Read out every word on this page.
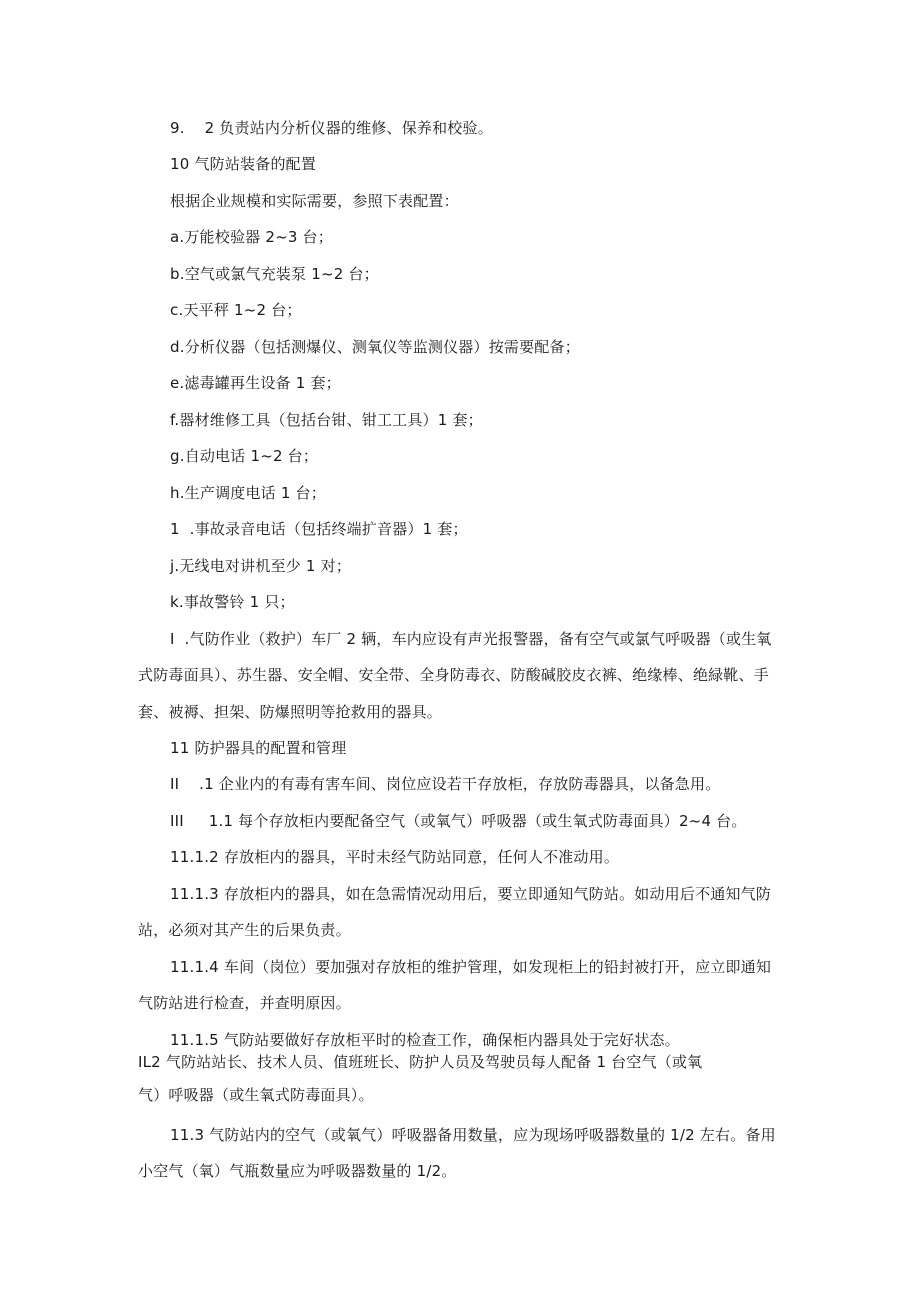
9.    2 负责站内分析仪器的维修、保养和校验。
10 气防站装备的配置
根据企业规模和实际需要，参照下表配置：
a.万能校验器 2~3 台；
b.空气或氯气充装泵 1~2 台；
c.天平秤 1~2 台；
d.分析仪器（包括测爆仪、测氧仪等监测仪器）按需要配备；
e.滤毒罐再生设备 1 套；
f.器材维修工具（包括台钳、钳工工具）1 套；
g.自动电话 1~2 台；
h.生产调度电话 1 台；
1  .事故录音电话（包括终端扩音器）1 套；
j.无线电对讲机至少 1 对；
k.事故警铃 1 只；
I  .气防作业（救护）车厂 2 辆，车内应设有声光报警器，备有空气或氯气呼吸器（或生氧
式防毒面具）、苏生器、安全帽、安全带、全身防毒衣、防酸碱胶皮衣裤、绝缘棒、绝緑靴、手
套、被褥、担架、防爆照明等抢救用的器具。
11 防护器具的配置和管理
II    .1 企业内的有毒有害车间、岗位应设若干存放柜，存放防毒器具，以备急用。
III     1.1 每个存放柜内要配备空气（或氧气）呼吸器（或生氧式防毒面具）2~4 台。
11.1.2 存放柜内的器具，平时未经气防站同意，任何人不准动用。
11.1.3 存放柜内的器具，如在急需情况动用后，要立即通知气防站。如动用后不通知气防
站，必须对其产生的后果负责。
11.1.4 车间（岗位）要加强对存放柜的维护管理，如发现柜上的铅封被打开，应立即通知
气防站进行检查，并查明原因。
11.1.5 气防站要做好存放柜平时的检查工作，确保柜内器具处于完好状态。
IL2 气防站站长、技术人员、值班班长、防护人员及驾驶员每人配备 1 台空气（或氧
气）呼吸器（或生氧式防毒面具）。
11.3 气防站内的空气（或氧气）呼吸器备用数量，应为现场呼吸器数量的 1/2 左右。备用
小空气（氧）气瓶数量应为呼吸器数量的 1/2。
